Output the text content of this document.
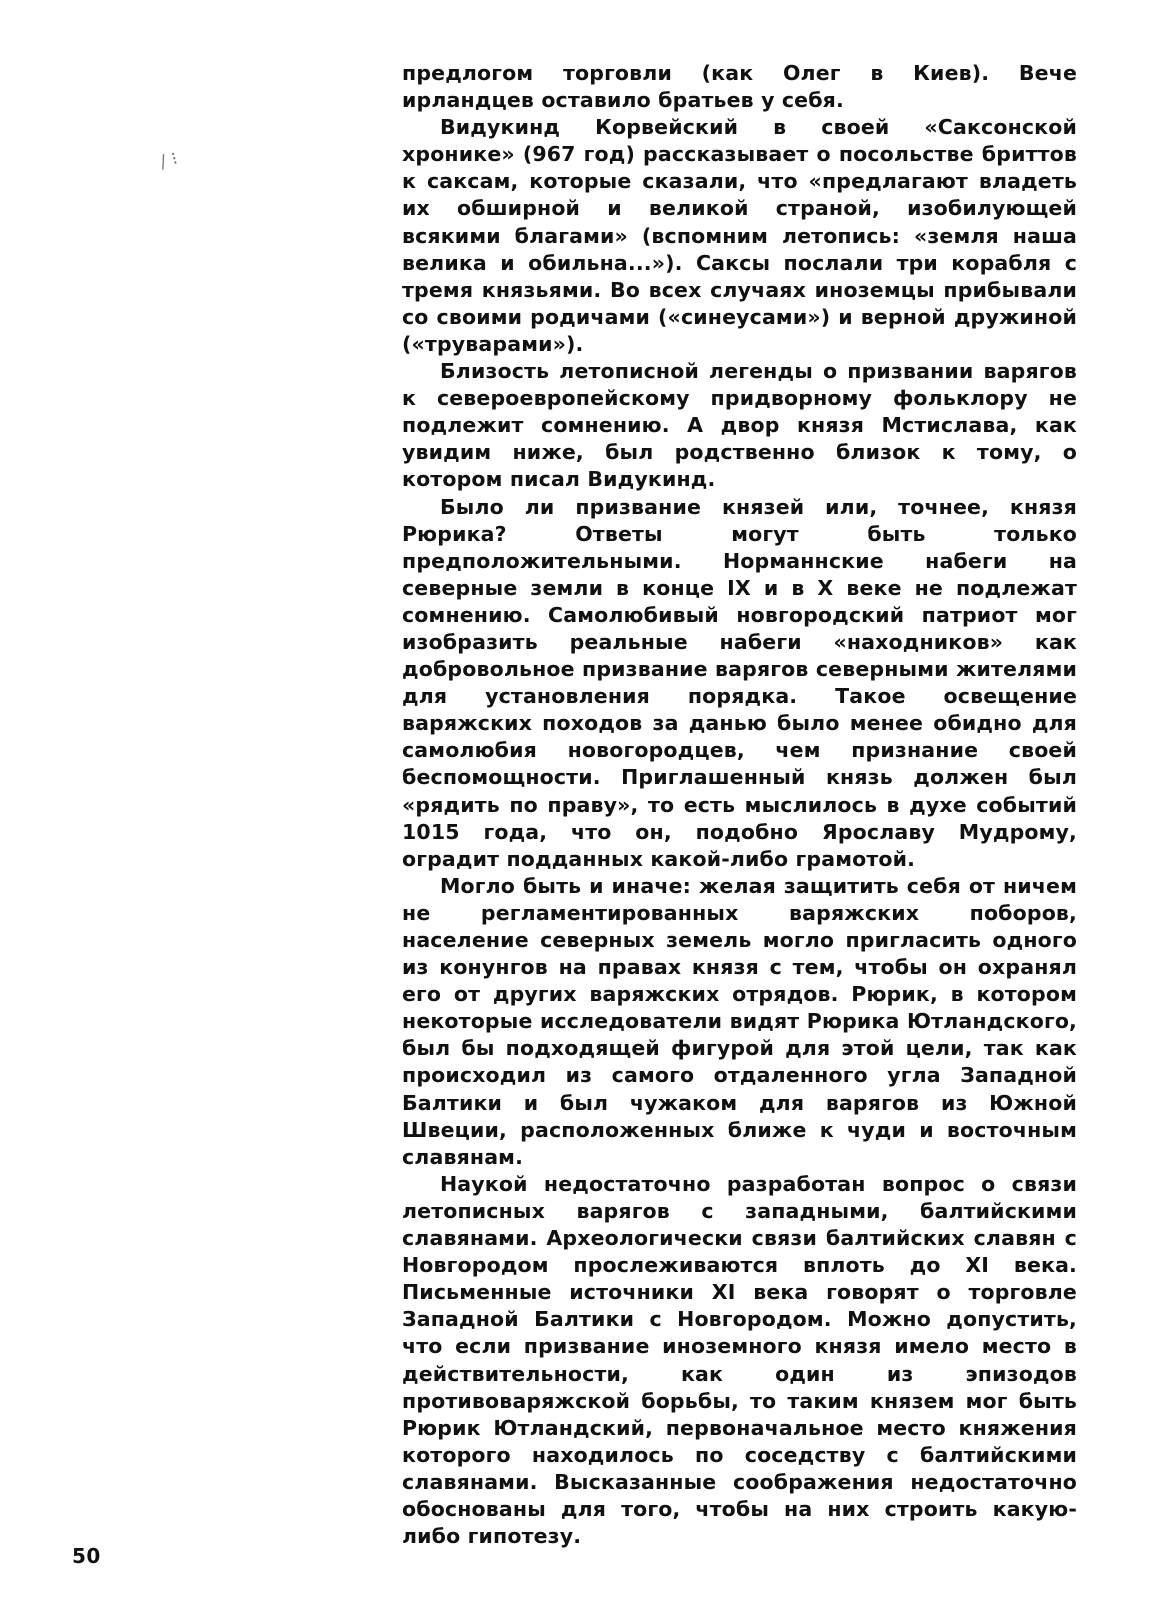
/ ⁝

предлогом торговли (как Олег в Киев). Вече ирландцев оставило братьев у себя.

Видукинд Корвейский в своей «Саксонской хронике» (967 год) рассказывает о посольстве бриттов к саксам, которые сказали, что «предлагают владеть их обширной и великой страной, изобилующей всякими благами» (вспомним летопись: «земля наша велика и обильна...»). Саксы послали три корабля с тремя князьями. Во всех случаях иноземцы прибывали со своими родичами («синеусами») и верной дружиной («труварами»).

Близость летописной легенды о призвании варягов к североевропейскому придворному фольклору не подлежит сомнению. А двор князя Мстислава, как увидим ниже, был родственно близок к тому, о котором писал Видукинд.

Было ли призвание князей или, точнее, князя Рюрика? Ответы могут быть только предположительными. Норманнские набеги на северные земли в конце IX и в X веке не подлежат сомнению. Самолюбивый новгородский патриот мог изобразить реальные набеги «находников» как добровольное призвание варягов северными жителями для установления порядка. Такое освещение варяжских походов за данью было менее обидно для самолюбия новогородцев, чем признание своей беспомощности. Приглашенный князь должен был «рядить по праву», то есть мыслилось в духе событий 1015 года, что он, подобно Ярославу Мудрому, оградит подданных какой-либо грамотой.

Могло быть и иначе: желая защитить себя от ничем не регламентированных варяжских поборов, население северных земель могло пригласить одного из конунгов на правах князя с тем, чтобы он охранял его от других варяжских отрядов. Рюрик, в котором некоторые исследователи видят Рюрика Ютландского, был бы подходящей фигурой для этой цели, так как происходил из самого отдаленного угла Западной Балтики и был чужаком для варягов из Южной Швеции, расположенных ближе к чуди и восточным славянам.

Наукой недостаточно разработан вопрос о связи летописных варягов с западными, балтийскими славянами. Археологически связи балтийских славян с Новгородом прослеживаются вплоть до XI века. Письменные источники XI века говорят о торговле Западной Балтики с Новгородом. Можно допустить, что если призвание иноземного князя имело место в действительности, как один из эпизодов противоваряжской борьбы, то таким князем мог быть Рюрик Ютландский, первоначальное место княжения которого находилось по соседству с балтийскими славянами. Высказанные соображения недостаточно обоснованы для того, чтобы на них строить какую-либо гипотезу.

50
